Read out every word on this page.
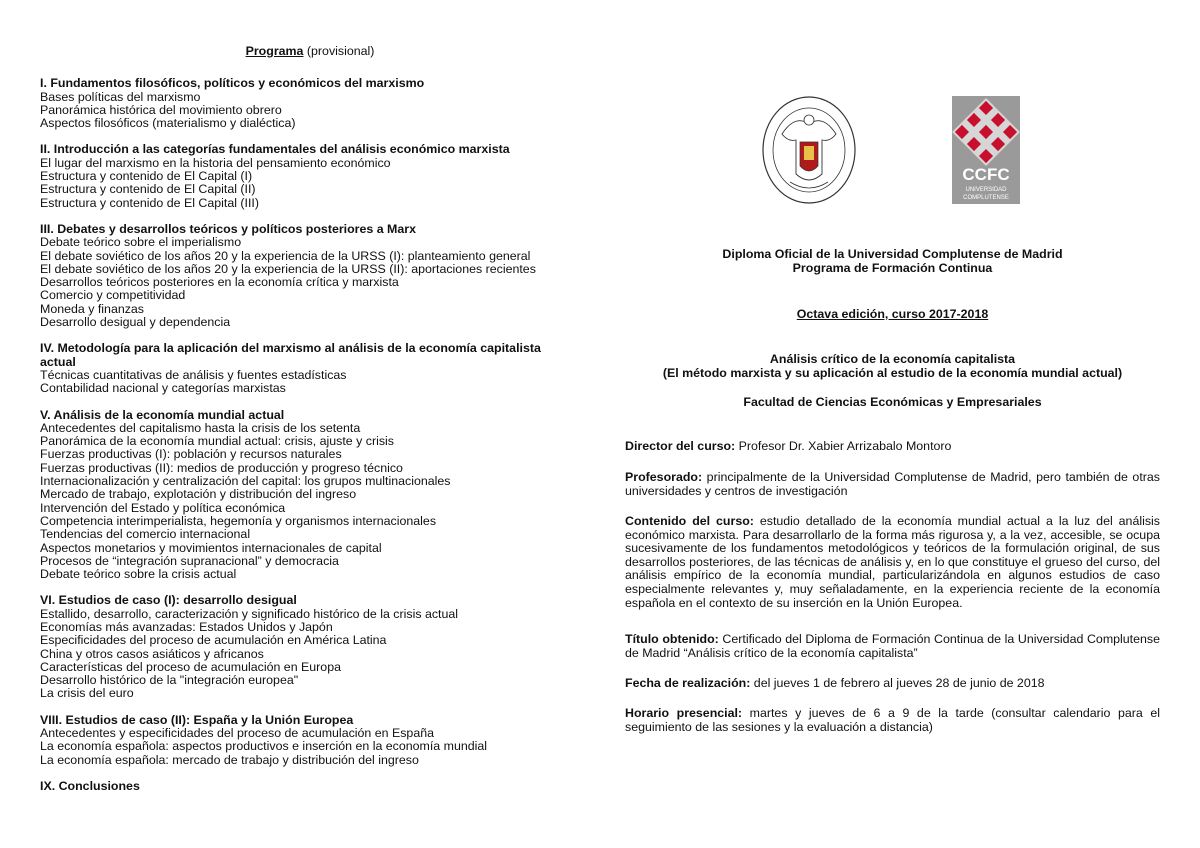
Programa (provisional)
I. Fundamentos filosóficos, políticos y económicos del marxismo
Bases políticas del marxismo
Panorámica histórica del movimiento obrero
Aspectos filosóficos (materialismo y dialéctica)
II. Introducción a las categorías fundamentales del análisis económico marxista
El lugar del marxismo en la historia del pensamiento económico
Estructura y contenido de El Capital (I)
Estructura y contenido de El Capital (II)
Estructura y contenido de El Capital (III)
III. Debates y desarrollos teóricos y políticos posteriores a Marx
Debate teórico sobre el imperialismo
El debate soviético de los años 20 y la experiencia de la URSS (I): planteamiento general
El debate soviético de los años 20 y la experiencia de la URSS (II): aportaciones recientes
Desarrollos teóricos posteriores en la economía crítica y marxista
Comercio y competitividad
Moneda y finanzas
Desarrollo desigual y dependencia
IV. Metodología para la aplicación del marxismo al análisis de la economía capitalista actual
Técnicas cuantitativas de análisis y fuentes estadísticas
Contabilidad nacional y categorías marxistas
V. Análisis de la economía mundial actual
Antecedentes del capitalismo hasta la crisis de los setenta
Panorámica de la economía mundial actual: crisis, ajuste y crisis
Fuerzas productivas (I): población y recursos naturales
Fuerzas productivas (II): medios de producción y progreso técnico
Internacionalización y centralización del capital: los grupos multinacionales
Mercado de trabajo, explotación y distribución del ingreso
Intervención del Estado y política económica
Competencia interimperialista, hegemonía y organismos internacionales
Tendencias del comercio internacional
Aspectos monetarios y movimientos internacionales de capital
Procesos de “integración supranacional” y democracia
Debate teórico sobre la crisis actual
VI. Estudios de caso (I): desarrollo desigual
Estallido, desarrollo, caracterización y significado histórico de la crisis actual
Economías más avanzadas: Estados Unidos y Japón
Especificidades del proceso de acumulación en América Latina
China y otros casos asiáticos y africanos
Características del proceso de acumulación en Europa
Desarrollo histórico de la "integración europea"
La crisis del euro
VIII. Estudios de caso (II): España y la Unión Europea
Antecedentes y especificidades del proceso de acumulación en España
La economía española: aspectos productivos e inserción en la economía mundial
La economía española: mercado de trabajo y distribución del ingreso
IX. Conclusiones
CCFC
UNIVERSIDAD
COMPLUTENSE
Diploma Oficial de la Universidad Complutense de Madrid
Programa de Formación Continua
Octava edición, curso 2017-2018
Análisis crítico de la economía capitalista
(El método marxista y su aplicación al estudio de la economía mundial actual)
Facultad de Ciencias Económicas y Empresariales
Director del curso: Profesor Dr. Xabier Arrizabalo Montoro
Profesorado: principalmente de la Universidad Complutense de Madrid, pero también de otras universidades y centros de investigación
Contenido del curso: estudio detallado de la economía mundial actual a la luz del análisis económico marxista. Para desarrollarlo de la forma más rigurosa y, a la vez, accesible, se ocupa sucesivamente de los fundamentos metodológicos y teóricos de la formulación original, de sus desarrollos posteriores, de las técnicas de análisis y, en lo que constituye el grueso del curso, del análisis empírico de la economía mundial, particularizándola en algunos estudios de caso especialmente relevantes y, muy señaladamente, en la experiencia reciente de la economía española en el contexto de su inserción en la Unión Europea.
Título obtenido: Certificado del Diploma de Formación Continua de la Universidad Complutense de Madrid “Análisis crítico de la economía capitalista”
Fecha de realización: del jueves 1 de febrero al jueves 28 de junio de 2018
Horario presencial: martes y jueves de 6 a 9 de la tarde (consultar calendario para el seguimiento de las sesiones y la evaluación a distancia)
